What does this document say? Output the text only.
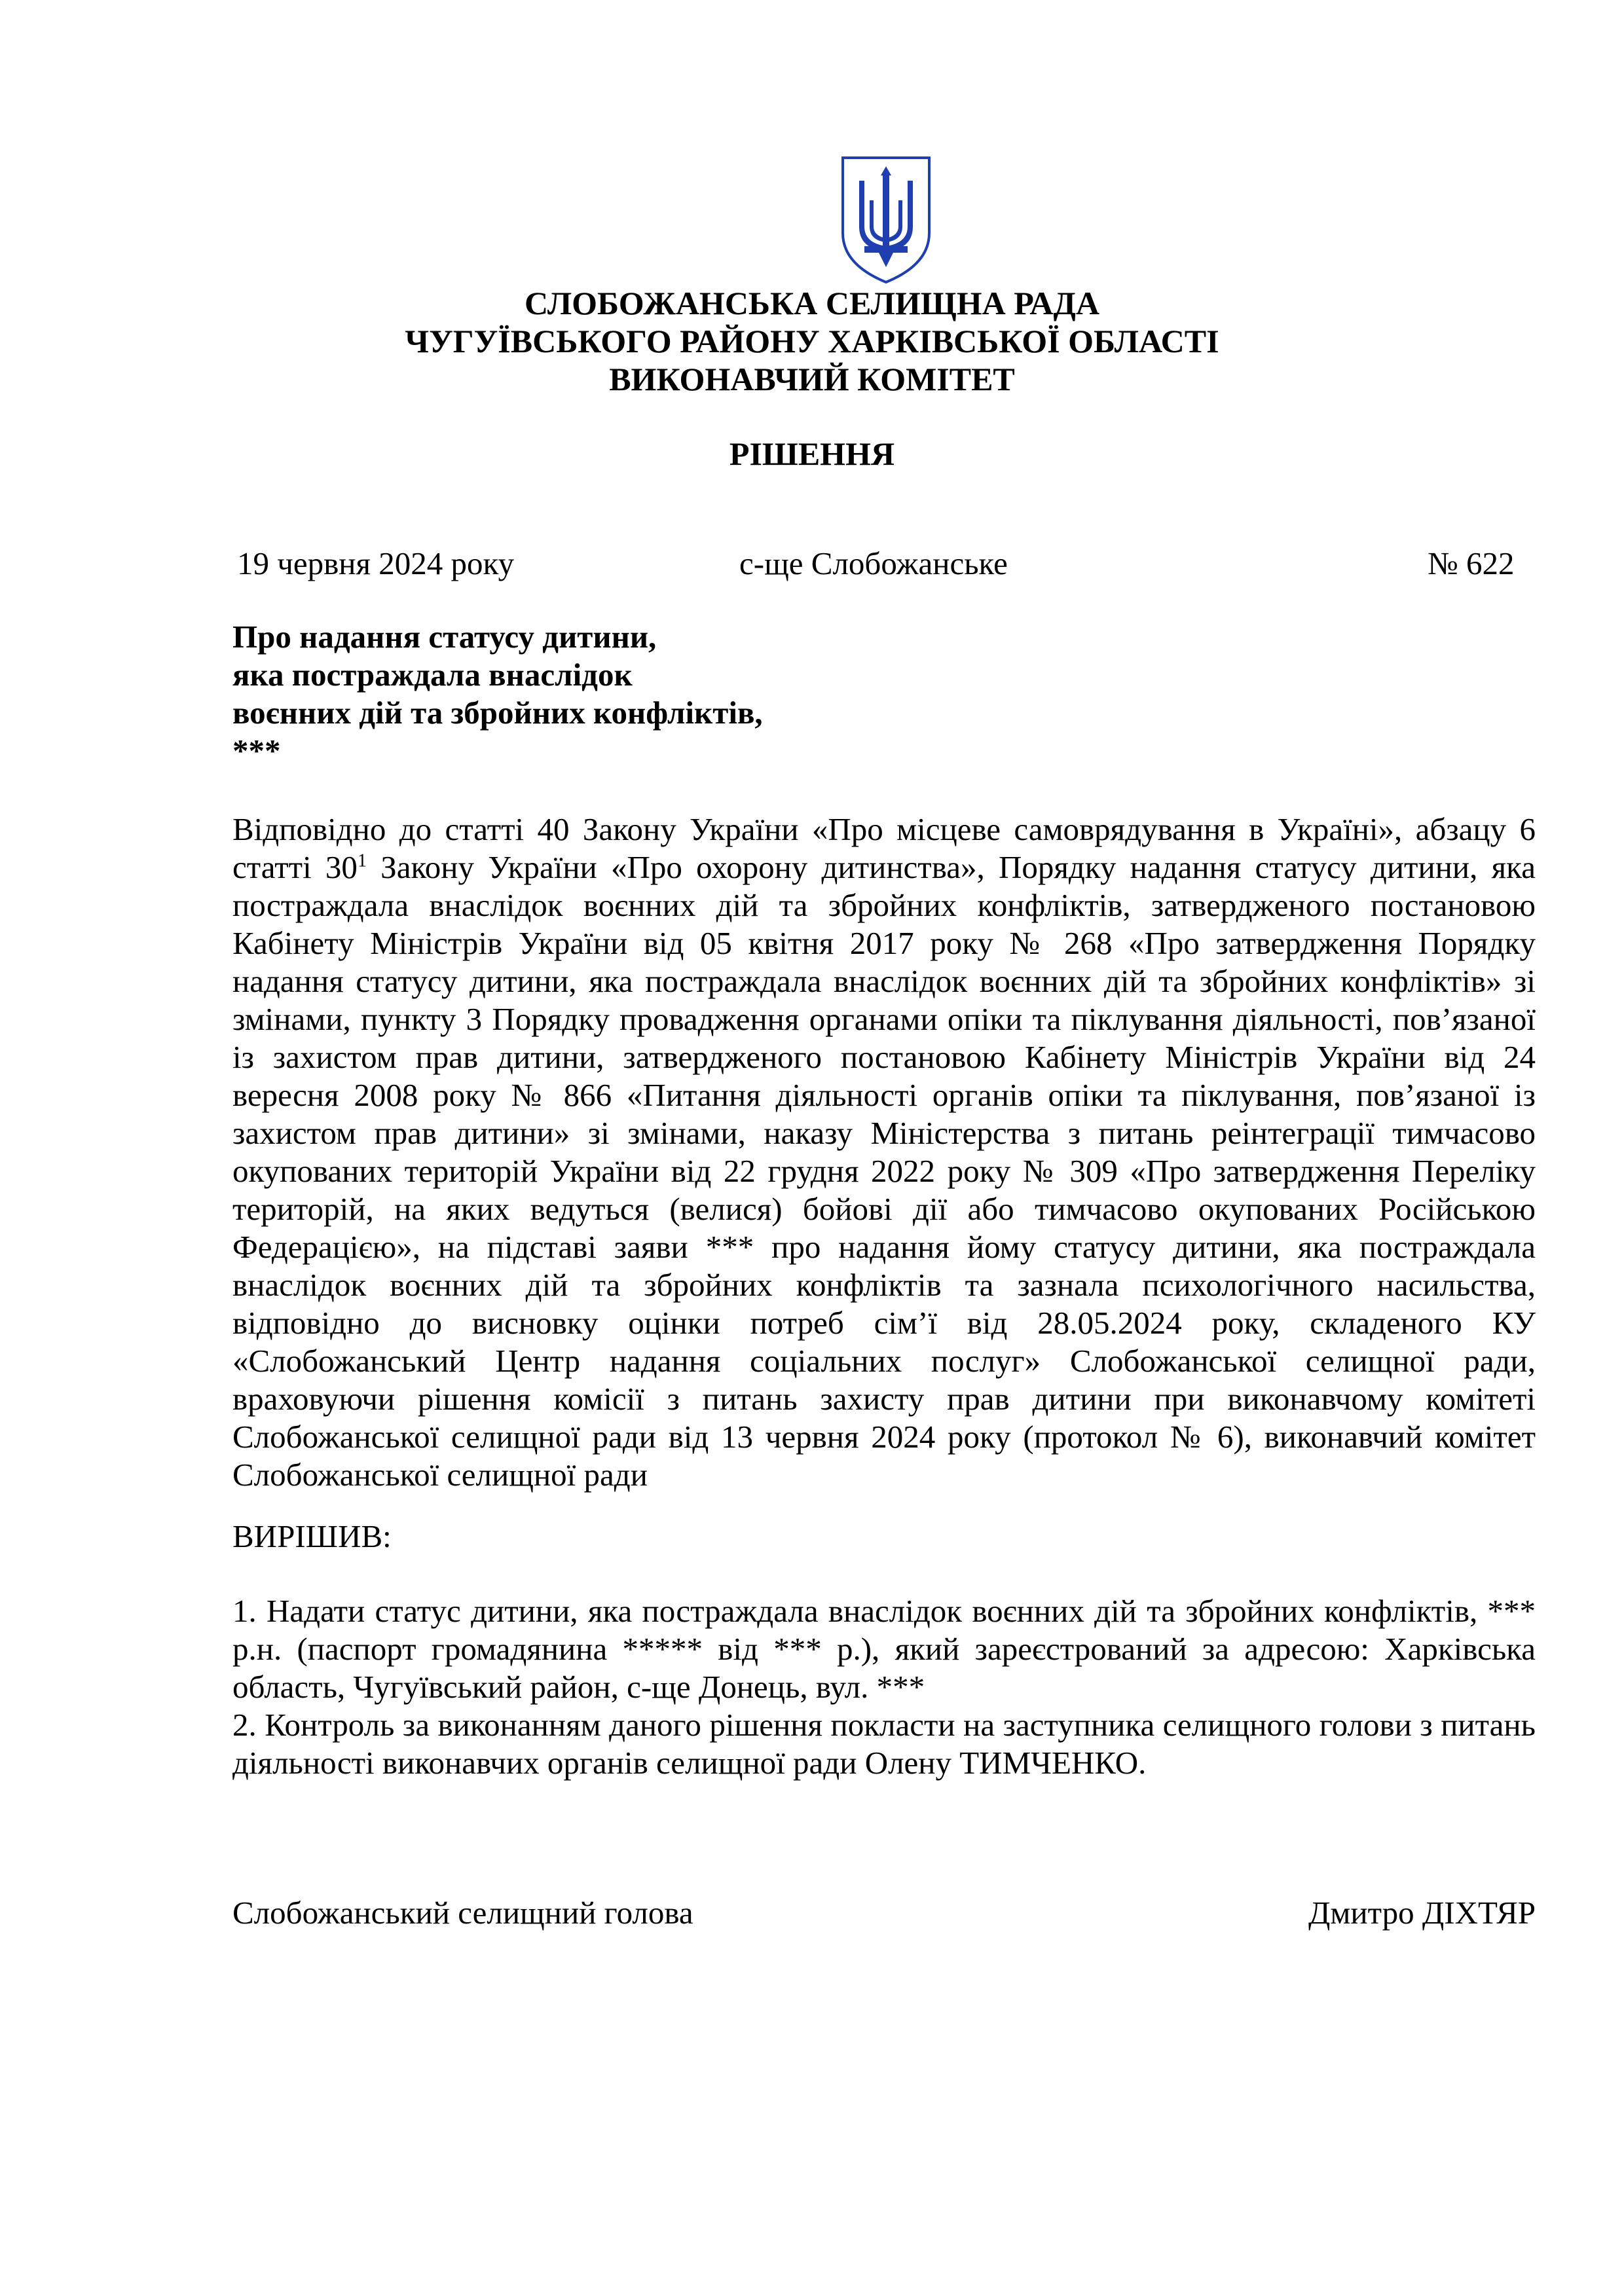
СЛОБОЖАНСЬКА СЕЛИЩНА РАДА
ЧУГУЇВСЬКОГО РАЙОНУ ХАРКІВСЬКОЇ ОБЛАСТІ
ВИКОНАВЧИЙ КОМІТЕТ
РІШЕННЯ
19 червня 2024 року	с-ще Слобожанське	№ 622
Про надання статусу дитини,
яка постраждала внаслідок
воєнних дій та збройних конфліктів,
***

Відповідно до статті 40 Закону України «Про місцеве самоврядування в Україні», абзацу 6 статті $30^1$ Закону України «Про охорону дитинства», Порядку надання статусу дитини, яка постраждала внаслідок воєнних дій та збройних конфліктів, затвердженого постановою Кабінету Міністрів України від 05 квітня 2017 року № 268 «Про затвердження Порядку надання статусу дитини, яка постраждала внаслідок воєнних дій та збройних конфліктів» зі змінами, пункту 3 Порядку провадження органами опіки та піклування діяльності, пов’язаної із захистом прав дитини, затвердженого постановою Кабінету Міністрів України від 24 вересня 2008 року № 866 «Питання діяльності органів опіки та піклування, пов’язаної із захистом прав дитини» зі змінами, наказу Міністерства з питань реінтеграції тимчасово окупованих територій України від 22 грудня 2022 року № 309 «Про затвердження Переліку територій, на яких ведуться (велися) бойові дії або тимчасово окупованих Російською Федерацією», на підставі заяви *** про надання йому статусу дитини, яка постраждала внаслідок воєнних дій та збройних конфліктів та зазнала психологічного насильства, відповідно до висновку оцінки потреб сім’ї від 28.05.2024 року, складеного КУ «Слобожанський Центр надання соціальних послуг» Слобожанської селищної ради, враховуючи рішення комісії з питань захисту прав дитини при виконавчому комітеті Слобожанської селищної ради від 13 червня 2024 року (протокол № 6), виконавчий комітет Слобожанської селищної ради

ВИРІШИВ:

1. Надати статус дитини, яка постраждала внаслідок воєнних дій та збройних конфліктів, *** р.н. (паспорт громадянина ***** від *** р.), який зареєстрований за адресою: Харківська область, Чугуївський район, с-ще Донець, вул. ***

2. Контроль за виконанням даного рішення покласти на заступника селищного голови з питань діяльності виконавчих органів селищної ради Олену ТИМЧЕНКО.

Слобожанський селищний голова	Дмитро ДІХТЯР
